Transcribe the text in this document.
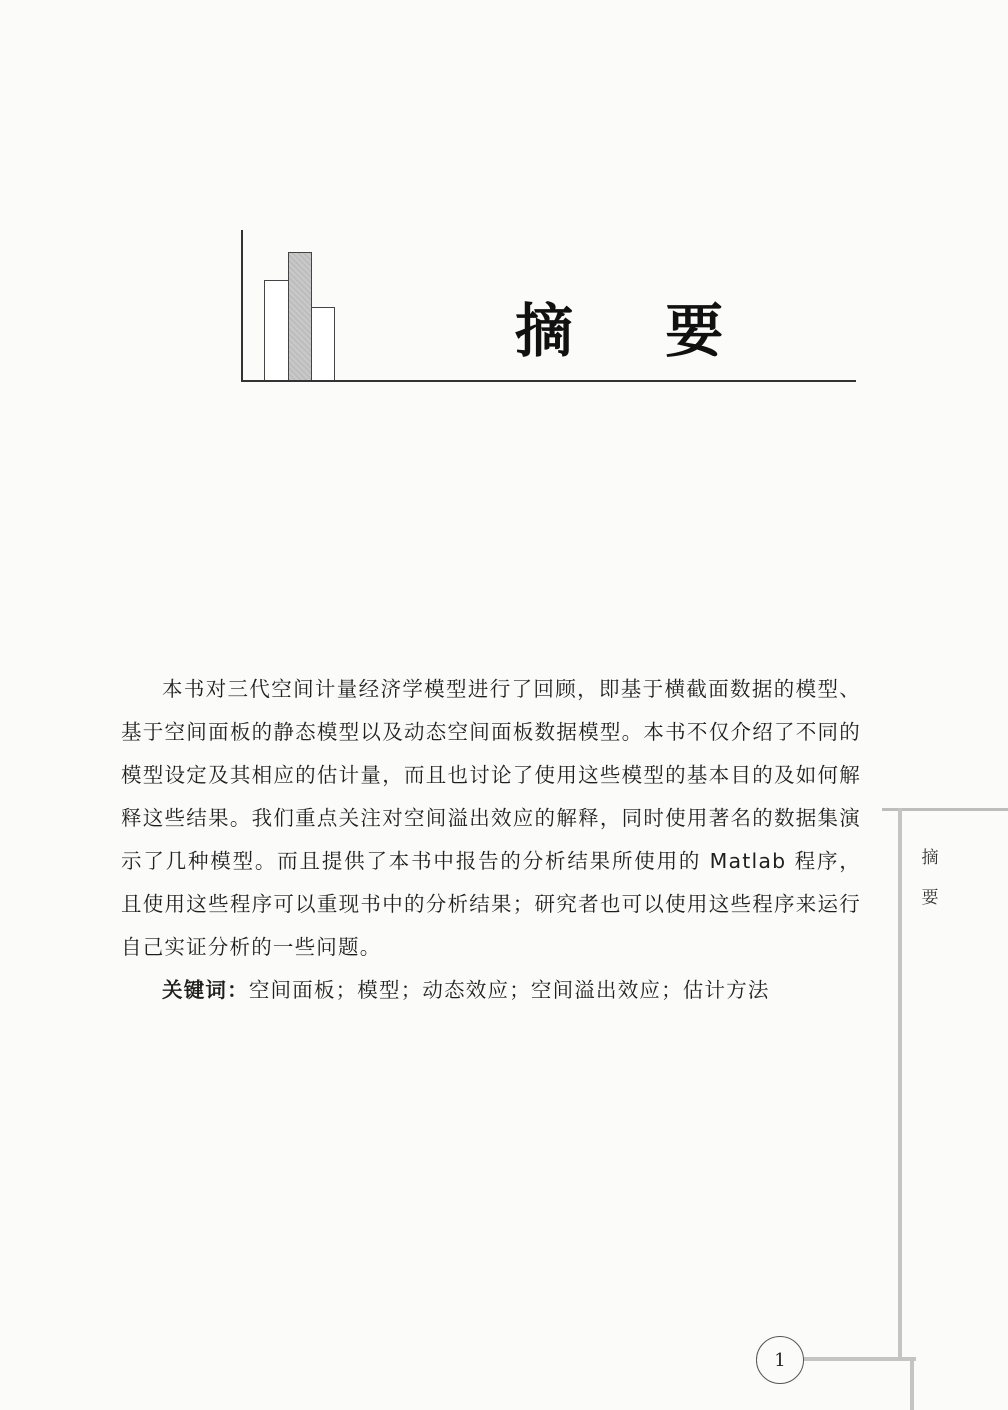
摘 要

本书对三代空间计量经济学模型进行了回顾，即基于横截面数据的模型、基于空间面板的静态模型以及动态空间面板数据模型。本书不仅介绍了不同的模型设定及其相应的估计量，而且也讨论了使用这些模型的基本目的及如何解释这些结果。我们重点关注对空间溢出效应的解释，同时使用著名的数据集演示了几种模型。而且提供了本书中报告的分析结果所使用的 Matlab 程序，且使用这些程序可以重现书中的分析结果；研究者也可以使用这些程序来运行自己实证分析的一些问题。

关键词：空间面板；模型；动态效应；空间溢出效应；估计方法

摘要
1
